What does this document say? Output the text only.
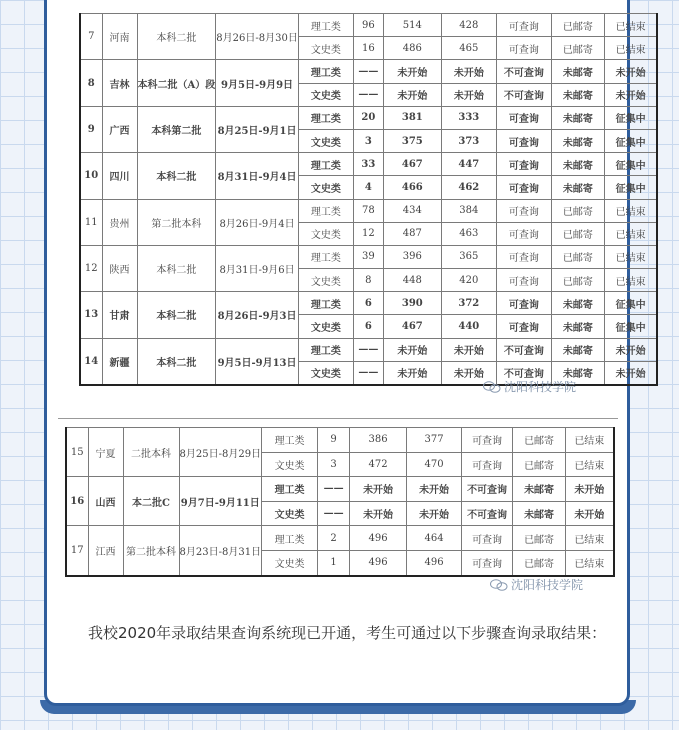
7	河南	本科二批	8月26日-8月30日	理工类	96	514	428	可查询	已邮寄	已结束
				文史类	16	486	465	可查询	已邮寄	已结束
8	吉林	本科二批（A）段	9月5日-9月9日	理工类	——	未开始	未开始	不可查询	未邮寄	未开始
				文史类	——	未开始	未开始	不可查询	未邮寄	未开始
9	广西	本科第二批	8月25日-9月1日	理工类	20	381	333	可查询	未邮寄	征集中
				文史类	3	375	373	可查询	未邮寄	征集中
10	四川	本科二批	8月31日-9月4日	理工类	33	467	447	可查询	未邮寄	征集中
				文史类	4	466	462	可查询	未邮寄	征集中
11	贵州	第二批本科	8月26日-9月4日	理工类	78	434	384	可查询	已邮寄	已结束
				文史类	12	487	463	可查询	已邮寄	已结束
12	陕西	本科二批	8月31日-9月6日	理工类	39	396	365	可查询	已邮寄	已结束
				文史类	8	448	420	可查询	已邮寄	已结束
13	甘肃	本科二批	8月26日-9月3日	理工类	6	390	372	可查询	未邮寄	征集中
				文史类	6	467	440	可查询	未邮寄	征集中
14	新疆	本科二批	9月5日-9月13日	理工类	——	未开始	未开始	不可查询	未邮寄	未开始
				文史类	——	未开始	未开始	不可查询	未邮寄	未开始
沈阳科技学院
15	宁夏	二批本科	8月25日-8月29日	理工类	9	386	377	可查询	已邮寄	已结束
				文史类	3	472	470	可查询	已邮寄	已结束
16	山西	本二批C	9月7日-9月11日	理工类	——	未开始	未开始	不可查询	未邮寄	未开始
				文史类	——	未开始	未开始	不可查询	未邮寄	未开始
17	江西	第二批本科	8月23日-8月31日	理工类	2	496	464	可查询	已邮寄	已结束
				文史类	1	496	496	可查询	已邮寄	已结束
沈阳科技学院

我校2020年录取结果查询系统现已开通，考生可通过以下步骤查询录取结果：
